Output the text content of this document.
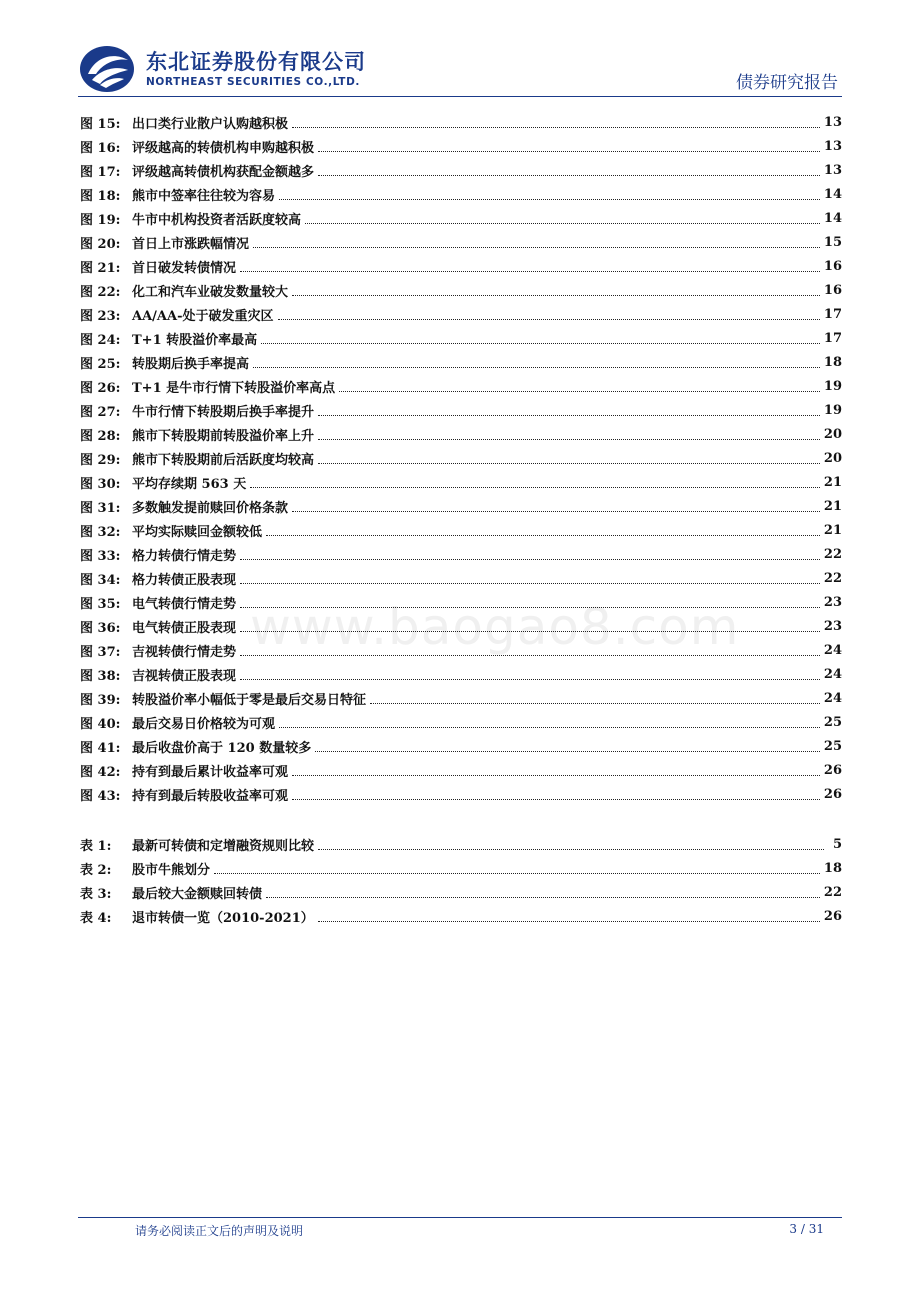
东北证券股份有限公司
NORTHEAST SECURITIES CO.,LTD.	债券研究报告
www.baogao8.com
图 15: 出口类行业散户认购越积极	13
图 16: 评级越高的转债机构申购越积极	13
图 17: 评级越高转债机构获配金额越多	13
图 18: 熊市中签率往往较为容易	14
图 19: 牛市中机构投资者活跃度较高	14
图 20: 首日上市涨跌幅情况	15
图 21: 首日破发转债情况	16
图 22: 化工和汽车业破发数量较大	16
图 23: AA/AA-处于破发重灾区	17
图 24: T+1 转股溢价率最高	17
图 25: 转股期后换手率提高	18
图 26: T+1 是牛市行情下转股溢价率高点	19
图 27: 牛市行情下转股期后换手率提升	19
图 28: 熊市下转股期前转股溢价率上升	20
图 29: 熊市下转股期前后活跃度均较高	20
图 30: 平均存续期 563 天	21
图 31: 多数触发提前赎回价格条款	21
图 32: 平均实际赎回金额较低	21
图 33: 格力转债行情走势	22
图 34: 格力转债正股表现	22
图 35: 电气转债行情走势	23
图 36: 电气转债正股表现	23
图 37: 吉视转债行情走势	24
图 38: 吉视转债正股表现	24
图 39: 转股溢价率小幅低于零是最后交易日特征	24
图 40: 最后交易日价格较为可观	25
图 41: 最后收盘价高于 120 数量较多	25
图 42: 持有到最后累计收益率可观	26
图 43: 持有到最后转股收益率可观	26
表 1: 最新可转债和定增融资规则比较	5
表 2: 股市牛熊划分	18
表 3: 最后较大金额赎回转债	22
表 4: 退市转债一览（2010-2021）	26
请务必阅读正文后的声明及说明	3 / 31
